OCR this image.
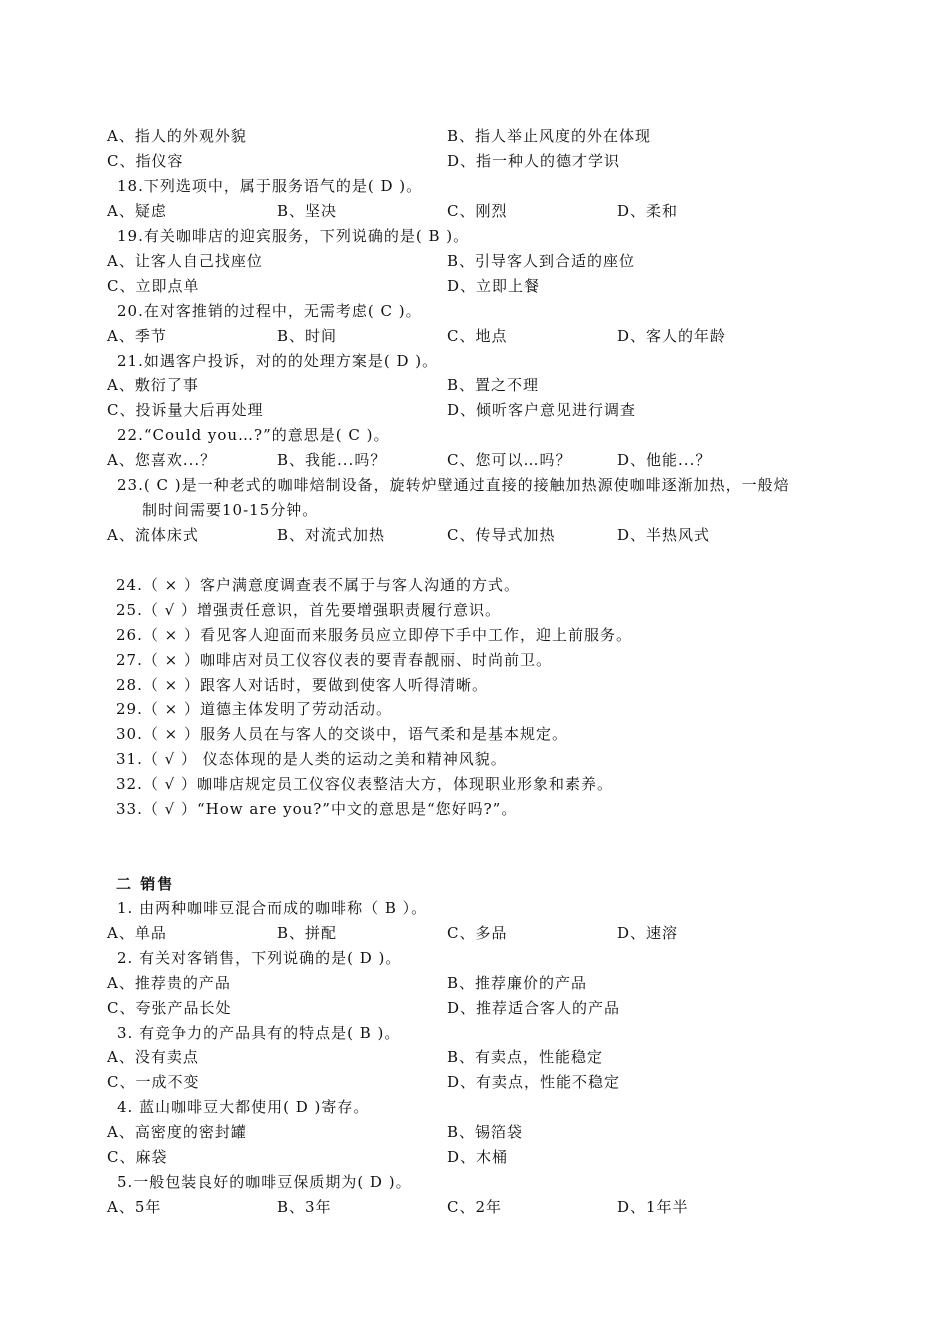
A、指人的外观外貌	B、指人举止风度的外在体现
C、指仪容	D、指一种人的德才学识
18.下列选项中，属于服务语气的是( D )。
A、疑虑	B、坚决	C、刚烈	D、柔和
19.有关咖啡店的迎宾服务，下列说确的是( B )。
A、让客人自己找座位	B、引导客人到合适的座位
C、立即点单	D、立即上餐
20.在对客推销的过程中，无需考虑( C )。
A、季节	B、时间	C、地点	D、客人的年龄
21.如遇客户投诉，对的的处理方案是( D )。
A、敷衍了事	B、置之不理
C、投诉量大后再处理	D、倾听客户意见进行调查
22.“Could you…?”的意思是( C )。
A、您喜欢...？	B、我能...吗？	C、您可以…吗？	D、他能...？
23.( C )是一种老式的咖啡焙制设备，旋转炉壁通过直接的接触加热源使咖啡逐渐加热，一般焙
制时间需要10-15分钟。
A、流体床式	B、对流式加热	C、传导式加热	D、半热风式
24.（ × ）客户满意度调查表不属于与客人沟通的方式。
25.（ √ ）增强责任意识，首先要增强职责履行意识。
26.（ × ）看见客人迎面而来服务员应立即停下手中工作，迎上前服务。
27.（ × ）咖啡店对员工仪容仪表的要青春靓丽、时尚前卫。
28.（ × ）跟客人对话时，要做到使客人听得清晰。
29.（ × ）道德主体发明了劳动活动。
30.（ × ）服务人员在与客人的交谈中，语气柔和是基本规定。
31.（ √ ） 仪态体现的是人类的运动之美和精神风貌。
32.（ √ ）咖啡店规定员工仪容仪表整洁大方，体现职业形象和素养。
33.（ √ ）“How are you?”中文的意思是“您好吗?”。
二 销售
1. 由两种咖啡豆混合而成的咖啡称（ B ）。
A、单品	B、拼配	C、多品	D、速溶
2. 有关对客销售，下列说确的是( D )。
A、推荐贵的产品	B、推荐廉价的产品
C、夸张产品长处	D、推荐适合客人的产品
3. 有竞争力的产品具有的特点是( B )。
A、没有卖点	B、有卖点，性能稳定
C、一成不变	D、有卖点，性能不稳定
4. 蓝山咖啡豆大都使用( D )寄存。
A、高密度的密封罐	B、锡箔袋
C、麻袋	D、木桶
5.一般包装良好的咖啡豆保质期为( D )。
A、5年	B、3年	C、2年	D、1年半
